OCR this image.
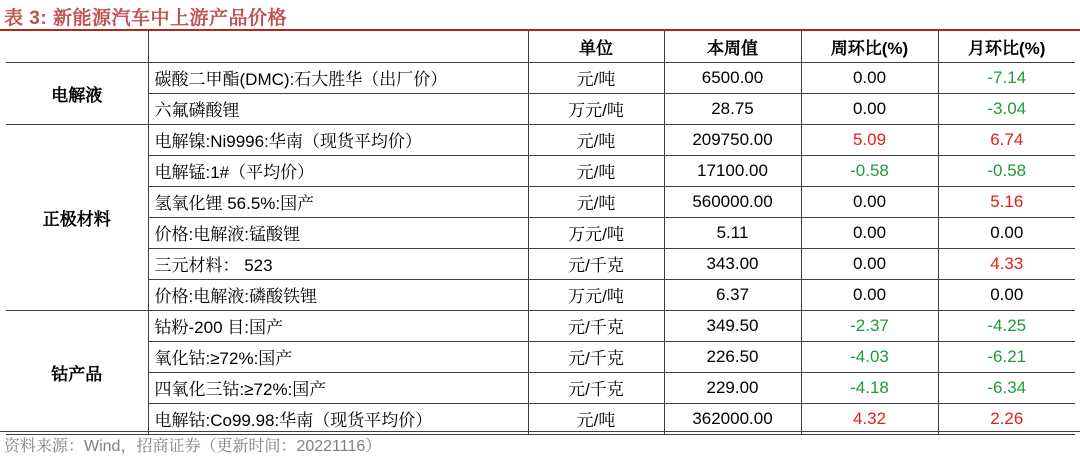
表 3: 新能源汽车中上游产品价格
		单位	本周值	周环比(%)	月环比(%)
电解液	碳酸二甲酯(DMC):石大胜华（出厂价）	元/吨	6500.00	0.00	-7.14
	六氟磷酸锂	万元/吨	28.75	0.00	-3.04
正极材料	电解镍:Ni9996:华南（现货平均价）	元/吨	209750.00	5.09	6.74
	电解锰:1#（平均价）	元/吨	17100.00	-0.58	-0.58
	氢氧化锂 56.5%:国产	元/吨	560000.00	0.00	5.16
	价格:电解液:锰酸锂	万元/吨	5.11	0.00	0.00
	三元材料： 523	元/千克	343.00	0.00	4.33
	价格:电解液:磷酸铁锂	万元/吨	6.37	0.00	0.00
钴产品	钴粉-200 目:国产	元/千克	349.50	-2.37	-4.25
	氧化钴:≥72%:国产	元/千克	226.50	-4.03	-6.21
	四氧化三钴:≥72%:国产	元/千克	229.00	-4.18	-6.34
	电解钴:Co99.98:华南（现货平均价）	元/吨	362000.00	4.32	2.26
资料来源：Wind，招商证券（更新时间：20221116）
